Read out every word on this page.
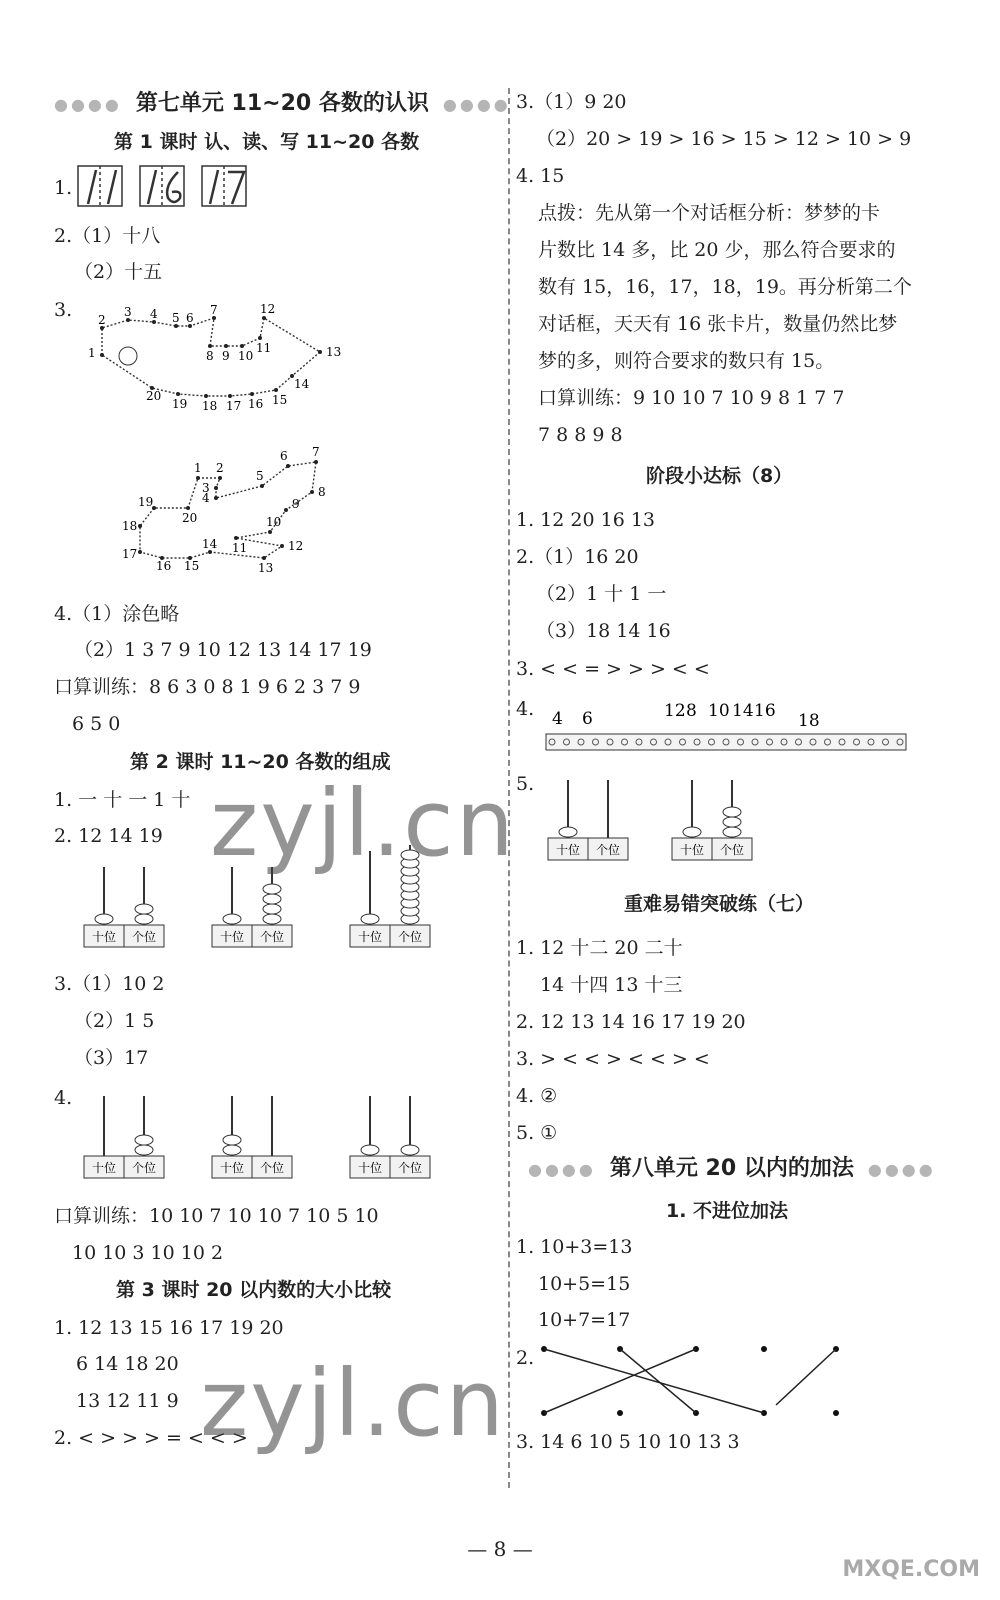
●●●● 第七单元 11~20 各数的认识 ●●●●
第 1 课时 认、读、写 11~20 各数
1.
2.（1）十八
（2）十五
3.
1
2
3 4 5 6
7
8 9 10
11
12
13
14
15
16
17
18
19
20
1 2
3
4
5
6 7
8
9
10
11	12
13
14
15
16
17
18
19
20
4.（1）涂色略
（2）1 3 7 9 10 12 13 14 17 19
口算训练：8 6 3 0 8 1 9 6 2 3 7 9
6 5 0
第 2 课时 11~20 各数的组成
1. 一 十 一 1 十
2. 12 14 19
十位 个位	十位 个位	十位 个位
3.（1）10 2
（2）1 5
（3）17
4.
十位 个位	十位 个位	十位 个位
口算训练：10 10 7 10 10 7 10 5 10
10 10 3 10 10 2
第 3 课时 20 以内数的大小比较
1. 12 13 15 16 17 19 20
6 14 18 20
13 12 11 9
2. < > > > = < < >
3.（1）9 20
（2）20 > 19 > 16 > 15 > 12 > 10 > 9
4. 15
点拨：先从第一个对话框分析：梦梦的卡
片数比 14 多，比 20 少，那么符合要求的
数有 15，16，17，18，19。再分析第二个
对话框，天天有 16 张卡片，数量仍然比梦
梦的多，则符合要求的数只有 15。
口算训练：9 10 10 7 10 9 8 1 7 7
7 8 8 9 8
阶段小达标（8）
1. 12 20 16 13
2.（1）16 20
（2）1 十 1 一
（3）18 14 16
3. < < = > > > < <
4. 4 6	12 8 10 14 16 18
5.
十位 个位	十位 个位
重难易错突破练（七）
1. 12 十二 20 二十
14 十四 13 十三
2. 12 13 14 16 17 19 20
3. > < < > < < > <
4. ②
5. ①
●●●● 第八单元 20 以内的加法 ●●●●
1. 不进位加法
1. 10+3=13
10+5=15
10+7=17
2.
3. 14 6 10 5 10 10 13 3
zyjl.cn
zyjl.cn
— 8 —
MXQE.COM
